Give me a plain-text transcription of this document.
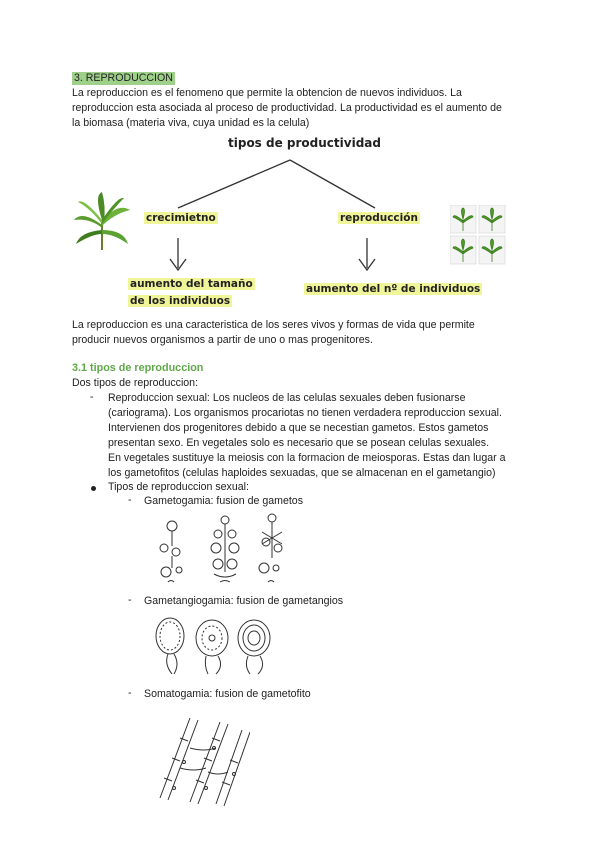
3. REPRODUCCION
La reproduccion es el fenomeno que permite la obtencion de nuevos individuos. La
reproduccion esta asociada al proceso de productividad. La productividad es el aumento de
la biomasa (materia viva, cuya unidad es la celula)
tipos de productividad
crecimietno	reproducción
aumento del tamaño
de los individuos
aumento del nº de individuos
La reproduccion es una caracteristica de los seres vivos y formas de vida que permite
producir nuevos organismos a partir de uno o mas progenitores.
3.1 tipos de reproduccion
Dos tipos de reproduccion:
- Reproduccion sexual: Los nucleos de las celulas sexuales deben fusionarse
(cariograma). Los organismos procariotas no tienen verdadera reproduccion sexual.
Intervienen dos progenitores debido a que se necestian gametos. Estos gametos
presentan sexo. En vegetales solo es necesario que se posean celulas sexuales.
En vegetales sustituye la meiosis con la formacion de meiosporas. Estas dan lugar a
los gametofitos (celulas haploides sexuadas, que se almacenan en el gametangio)
Tipos de reproduccion sexual:
- Gametogamia: fusion de gametos
- Gametangiogamia: fusion de gametangios
- Somatogamia: fusion de gametofito
